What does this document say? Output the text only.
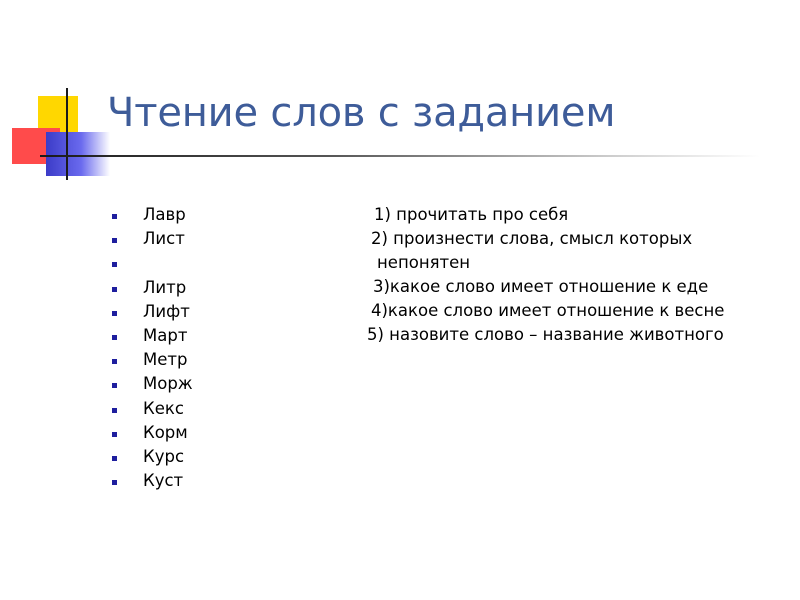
Чтение слов с заданием
Лавр
Лист
Литр
Лифт
Март
Метр
Морж
Кекс
Корм
Курс
Куст
1) прочитать про себя
2) произнести слова, смысл которых
непонятен
3)какое слово имеет отношение к еде
4)какое слово имеет отношение к весне
5) назовите слово – название животного
